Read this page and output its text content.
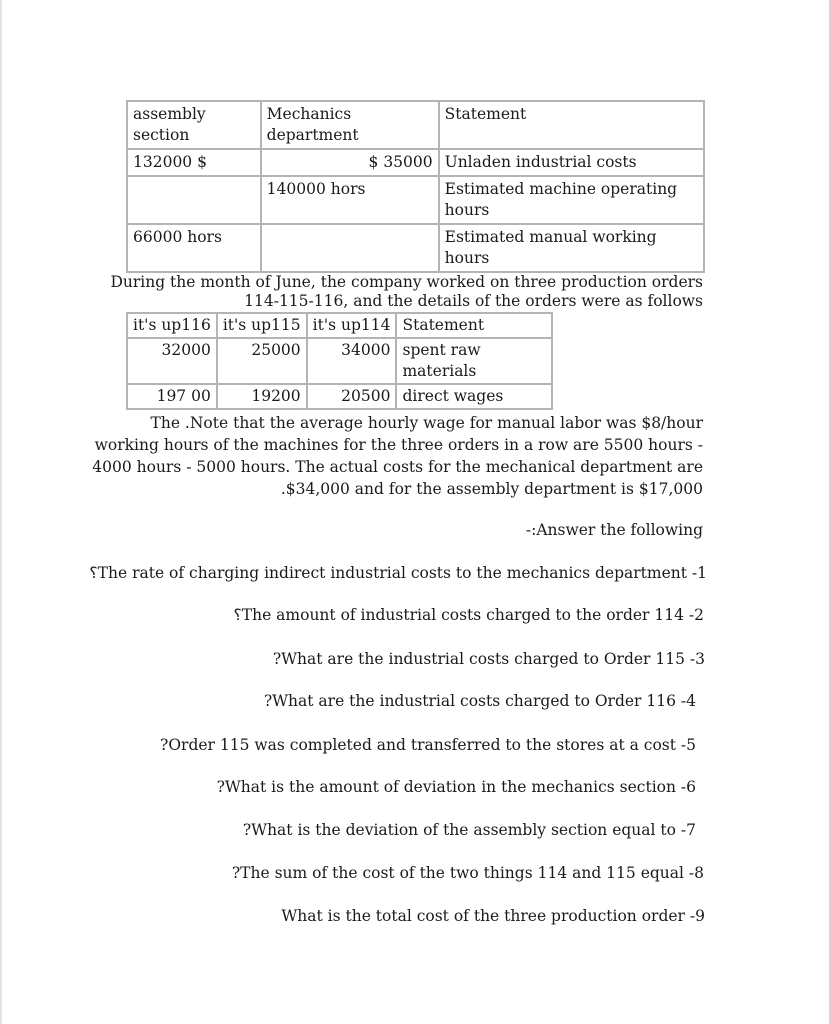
assembly section	Mechanics department	Statement
132000 $	$ 35000	Unladen industrial costs
	140000 hors	Estimated machine operating hours
66000 hors		Estimated manual working hours
During the month of June, the company worked on three production orders
114-115-116, and the details of the orders were as follows
it's up116	it's up115	it's up114	Statement
32000	25000	34000	spent raw materials
197 00	19200	20500	direct wages
The .Note that the average hourly wage for manual labor was $8/hour
working hours of the machines for the three orders in a row are 5500 hours -
4000 hours - 5000 hours. The actual costs for the mechanical department are
.$34,000 and for the assembly department is $17,000
-:Answer the following
؟The rate of charging indirect industrial costs to the mechanics department -1
؟The amount of industrial costs charged to the order 114 -2
?What are the industrial costs charged to Order 115 -3
?What are the industrial costs charged to Order 116 -4
?Order 115 was completed and transferred to the stores at a cost -5
?What is the amount of deviation in the mechanics section -6
?What is the deviation of the assembly section equal to -7
?The sum of the cost of the two things 114 and 115 equal -8
What is the total cost of the three production order -9
